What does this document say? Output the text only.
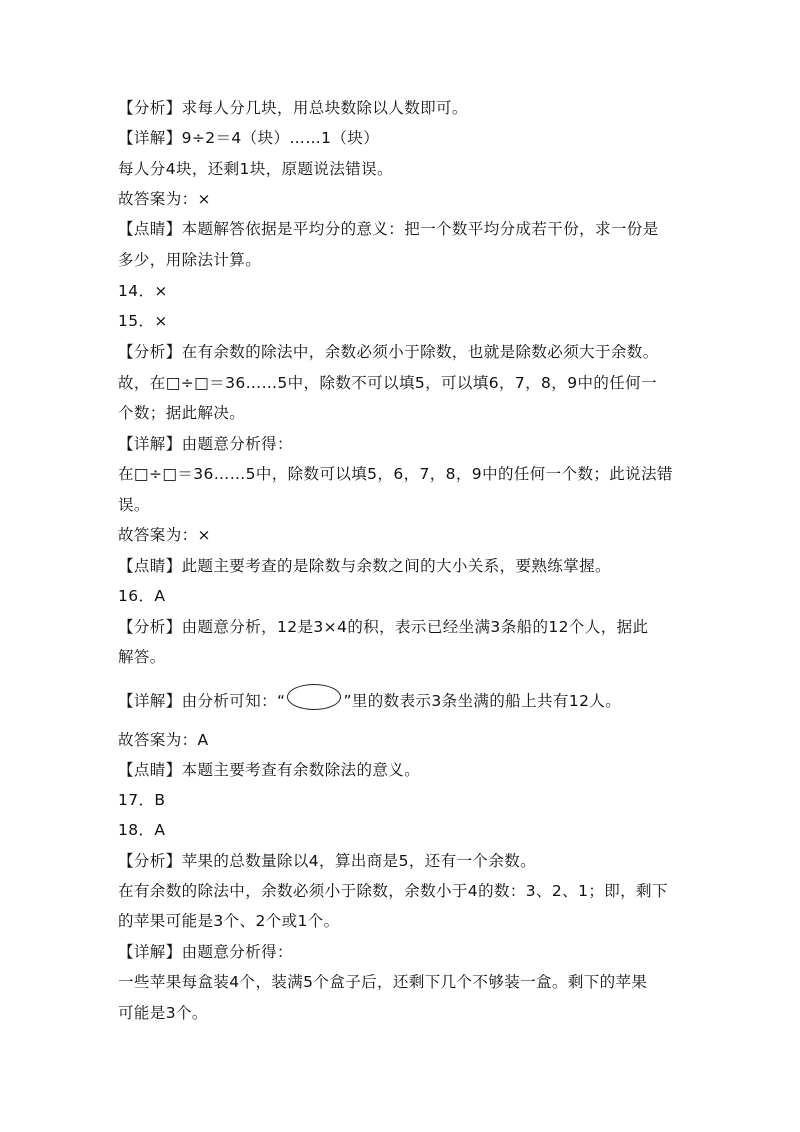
【分析】求每人分几块，用总块数除以人数即可。
【详解】9÷2＝4（块）……1（块）
每人分4块，还剩1块，原题说法错误。
故答案为：×
【点睛】本题解答依据是平均分的意义：把一个数平均分成若干份，求一份是
多少，用除法计算。
14．×
15．×
【分析】在有余数的除法中，余数必须小于除数，也就是除数必须大于余数。
故，在□÷□＝36……5中，除数不可以填5，可以填6，7，8，9中的任何一
个数；据此解决。
【详解】由题意分析得：
在□÷□＝36……5中，除数可以填5，6，7，8，9中的任何一个数；此说法错
误。
故答案为：×
【点睛】此题主要考查的是除数与余数之间的大小关系，要熟练掌握。
16．A
【分析】由题意分析，12是3×4的积，表示已经坐满3条船的12个人，据此
解答。
【详解】由分析可知：“	”里的数表示3条坐满的船上共有12人。
故答案为：A
【点睛】本题主要考查有余数除法的意义。
17．B
18．A
【分析】苹果的总数量除以4，算出商是5，还有一个余数。
在有余数的除法中，余数必须小于除数，余数小于4的数：3、2、1；即，剩下
的苹果可能是3个、2个或1个。
【详解】由题意分析得：
一些苹果每盒装4个，装满5个盒子后，还剩下几个不够装一盒。剩下的苹果
可能是3个。
